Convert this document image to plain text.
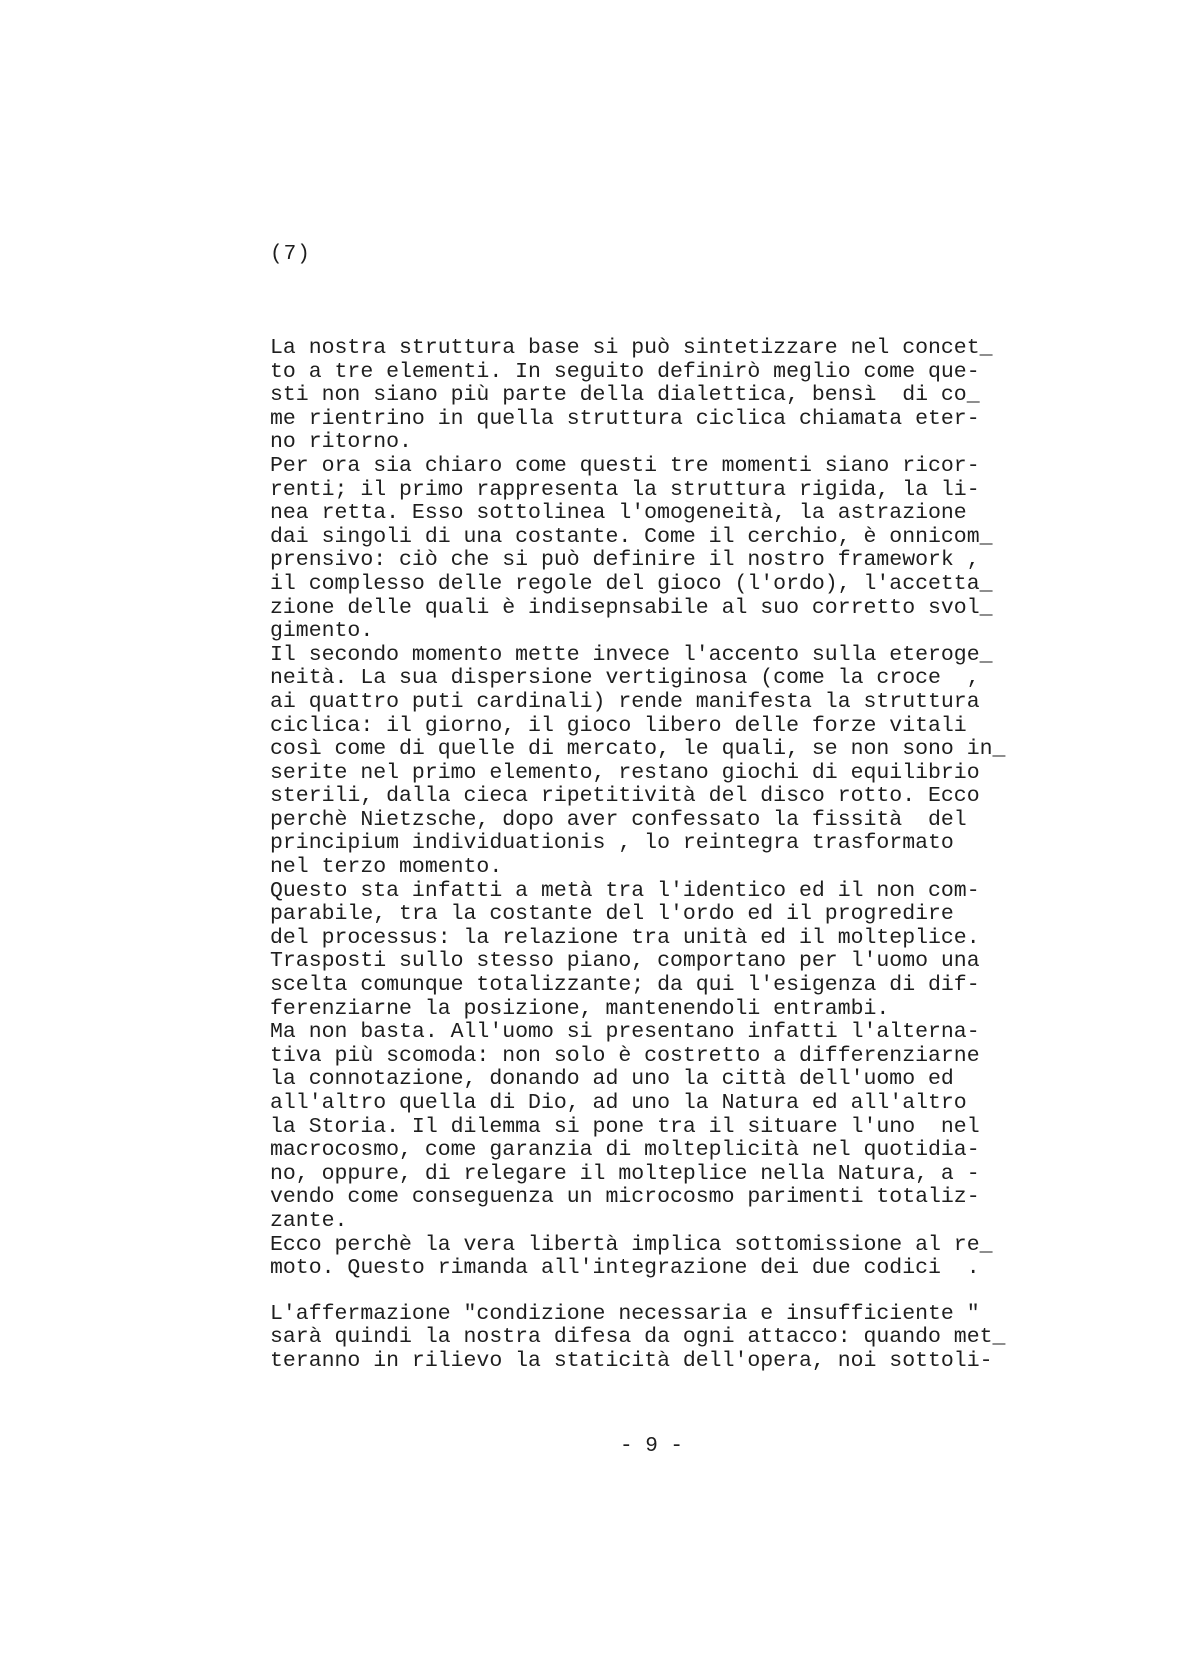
(7)
La nostra struttura base si può sintetizzare nel concet_
to a tre elementi. In seguito definirò meglio come que-
sti non siano più parte della dialettica, bensì  di co_
me rientrino in quella struttura ciclica chiamata eter-
no ritorno.
Per ora sia chiaro come questi tre momenti siano ricor-
renti; il primo rappresenta la struttura rigida, la li-
nea retta. Esso sottolinea l'omogeneità, la astrazione
dai singoli di una costante. Come il cerchio, è onnicom_
prensivo: ciò che si può definire il nostro framework ,
il complesso delle regole del gioco (l'ordo), l'accetta_
zione delle quali è indisepnsabile al suo corretto svol_
gimento.
Il secondo momento mette invece l'accento sulla eteroge_
neità. La sua dispersione vertiginosa (come la croce  ,
ai quattro puti cardinali) rende manifesta la struttura
ciclica: il giorno, il gioco libero delle forze vitali
così come di quelle di mercato, le quali, se non sono in_
serite nel primo elemento, restano giochi di equilibrio
sterili, dalla cieca ripetitività del disco rotto. Ecco
perchè Nietzsche, dopo aver confessato la fissità  del
principium individuationis , lo reintegra trasformato
nel terzo momento.
Questo sta infatti a metà tra l'identico ed il non com-
parabile, tra la costante del l'ordo ed il progredire
del processus: la relazione tra unità ed il molteplice.
Trasposti sullo stesso piano, comportano per l'uomo una
scelta comunque totalizzante; da qui l'esigenza di dif-
ferenziarne la posizione, mantenendoli entrambi.
Ma non basta. All'uomo si presentano infatti l'alterna-
tiva più scomoda: non solo è costretto a differenziarne
la connotazione, donando ad uno la città dell'uomo ed
all'altro quella di Dio, ad uno la Natura ed all'altro
la Storia. Il dilemma si pone tra il situare l'uno  nel
macrocosmo, come garanzia di molteplicità nel quotidia-
no, oppure, di relegare il molteplice nella Natura, a -
vendo come conseguenza un microcosmo parimenti totaliz-
zante.
Ecco perchè la vera libertà implica sottomissione al re_
moto. Questo rimanda all'integrazione dei due codici  .
L'affermazione "condizione necessaria e insufficiente "
sarà quindi la nostra difesa da ogni attacco: quando met_
teranno in rilievo la staticità dell'opera, noi sottoli-
- 9 -
